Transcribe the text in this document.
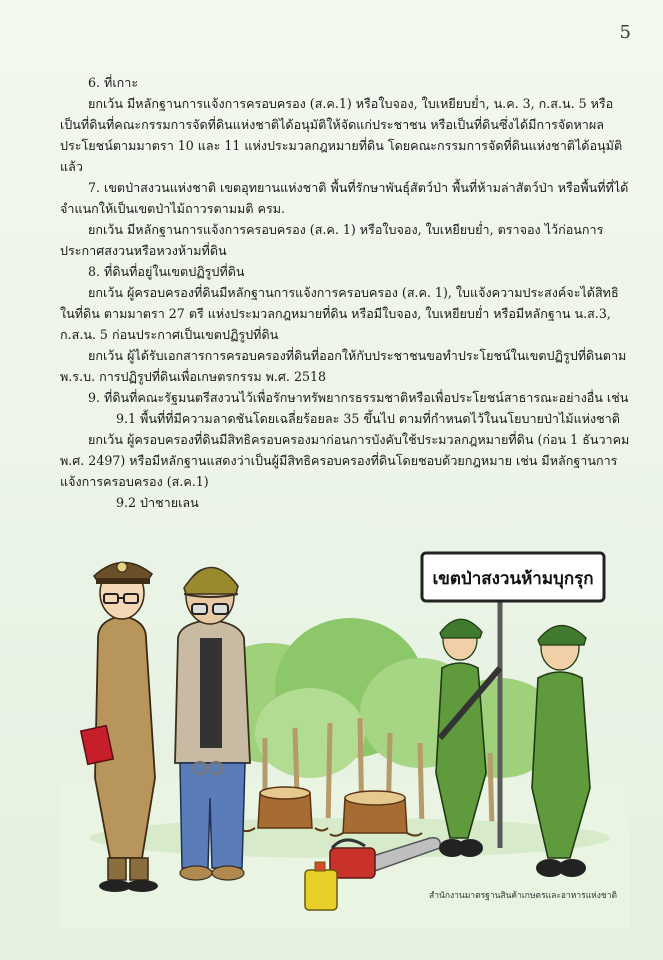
5

6. ที่เกาะ

ยกเว้น มีหลักฐานการแจ้งการครอบครอง (ส.ค.1) หรือใบจอง, ใบเหยียบย่ำ, น.ค. 3, ก.ส.น. 5 หรือเป็นที่ดินที่คณะกรรมการจัดที่ดินแห่งชาติได้อนุมัติให้จัดแก่ประชาชน หรือเป็นที่ดินซึ่งได้มีการจัดหาผลประโยชน์ตามมาตรา 10 และ 11 แห่งประมวลกฎหมายที่ดิน โดยคณะกรรมการจัดที่ดินแห่งชาติได้อนุมัติแล้ว

7. เขตป่าสงวนแห่งชาติ เขตอุทยานแห่งชาติ พื้นที่รักษาพันธุ์สัตว์ป่า พื้นที่ห้ามล่าสัตว์ป่า หรือพื้นที่ที่ได้จำแนกให้เป็นเขตป่าไม้ถาวรตามมติ ครม.

ยกเว้น มีหลักฐานการแจ้งการครอบครอง (ส.ค. 1) หรือใบจอง, ใบเหยียบย่ำ, ตราจอง ไว้ก่อนการประกาศสงวนหรือหวงห้ามที่ดิน

8. ที่ดินที่อยู่ในเขตปฏิรูปที่ดิน

ยกเว้น ผู้ครอบครองที่ดินมีหลักฐานการแจ้งการครอบครอง (ส.ค. 1), ใบแจ้งความประสงค์จะได้สิทธิในที่ดิน ตามมาตรา 27 ตรี แห่งประมวลกฎหมายที่ดิน หรือมีใบจอง, ใบเหยียบย่ำ หรือมีหลักฐาน น.ส.3, ก.ส.น. 5 ก่อนประกาศเป็นเขตปฏิรูปที่ดิน

ยกเว้น ผู้ได้รับเอกสารการครอบครองที่ดินที่ออกให้กับประชาชนขอทำประโยชน์ในเขตปฏิรูปที่ดินตาม พ.ร.บ. การปฏิรูปที่ดินเพื่อเกษตรกรรม พ.ศ. 2518

9. ที่ดินที่คณะรัฐมนตรีสงวนไว้เพื่อรักษาทรัพยากรธรรมชาติหรือเพื่อประโยชน์สาธารณะอย่างอื่น เช่น

9.1 พื้นที่ที่มีความลาดชันโดยเฉลี่ยร้อยละ 35 ขึ้นไป ตามที่กำหนดไว้ในนโยบายป่าไม้แห่งชาติ

ยกเว้น ผู้ครอบครองที่ดินมีสิทธิครอบครองมาก่อนการบังคับใช้ประมวลกฎหมายที่ดิน (ก่อน 1 ธันวาคม พ.ศ. 2497) หรือมีหลักฐานแสดงว่าเป็นผู้มีสิทธิครอบครองที่ดินโดยชอบด้วยกฎหมาย เช่น มีหลักฐานการแจ้งการครอบครอง (ส.ค.1)

9.2 ป่าชายเลน

เขตป่าสงวนห้ามบุกรุก
สำนักงานมาตรฐานสินค้าเกษตรและอาหารแห่งชาติ
